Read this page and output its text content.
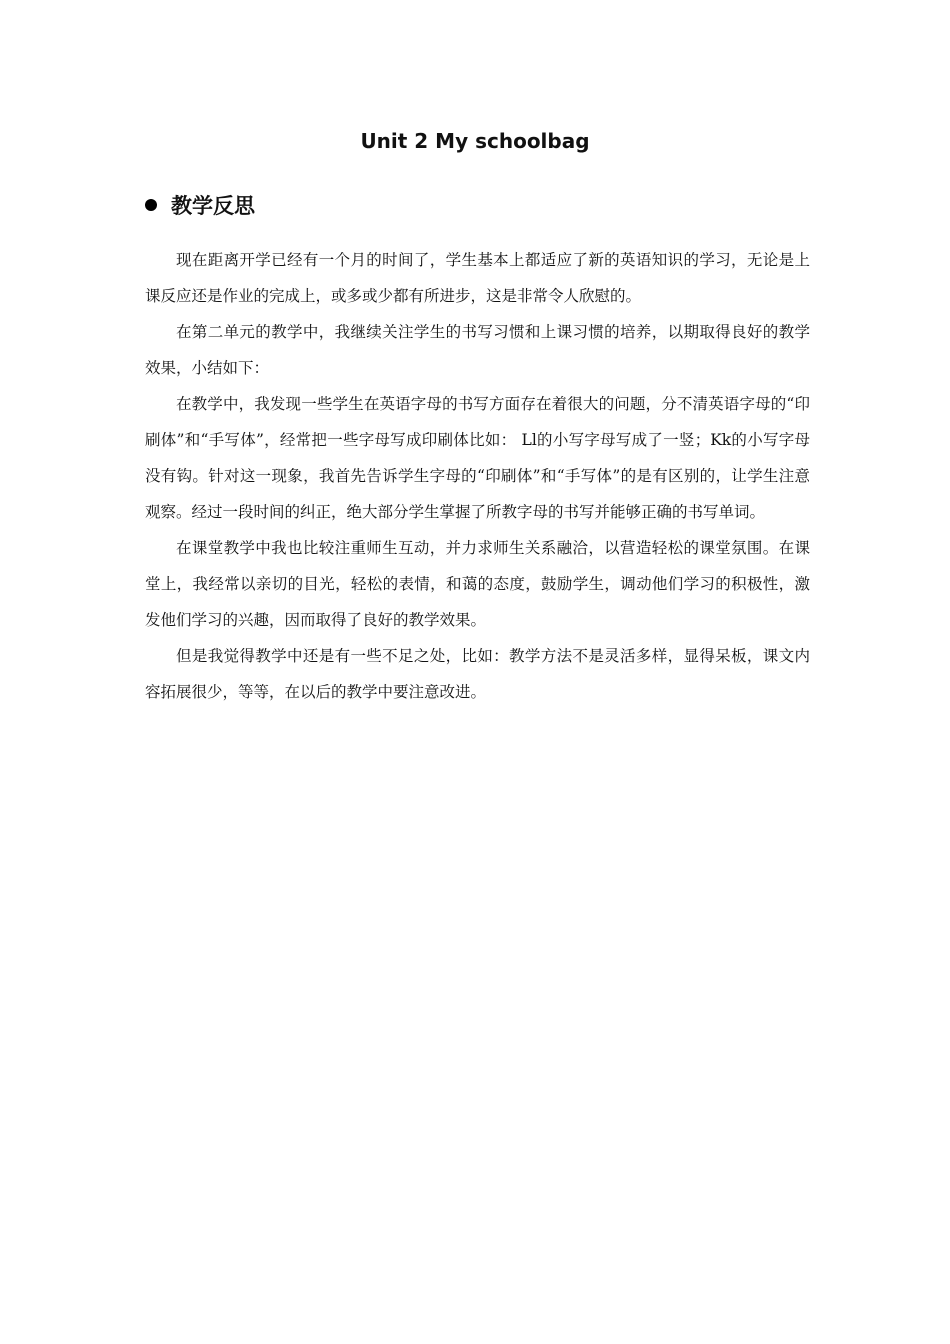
Unit 2 My schoolbag
教学反思

现在距离开学已经有一个月的时间了，学生基本上都适应了新的英语知识的学习，无论是上课反应还是作业的完成上，或多或少都有所进步，这是非常令人欣慰的。

在第二单元的教学中，我继续关注学生的书写习惯和上课习惯的培养，以期取得良好的教学效果，小结如下：

在教学中，我发现一些学生在英语字母的书写方面存在着很大的问题，分不清英语字母的“印刷体”和“手写体”，经常把一些字母写成印刷体比如： Ll的小写字母写成了一竖；Kk的小写字母没有钩。针对这一现象，我首先告诉学生字母的“印刷体”和“手写体”的是有区别的，让学生注意观察。经过一段时间的纠正，绝大部分学生掌握了所教字母的书写并能够正确的书写单词。

在课堂教学中我也比较注重师生互动，并力求师生关系融洽，以营造轻松的课堂氛围。在课堂上，我经常以亲切的目光，轻松的表情，和蔼的态度，鼓励学生，调动他们学习的积极性，激发他们学习的兴趣，因而取得了良好的教学效果。

但是我觉得教学中还是有一些不足之处，比如：教学方法不是灵活多样，显得呆板，课文内容拓展很少，等等，在以后的教学中要注意改进。
